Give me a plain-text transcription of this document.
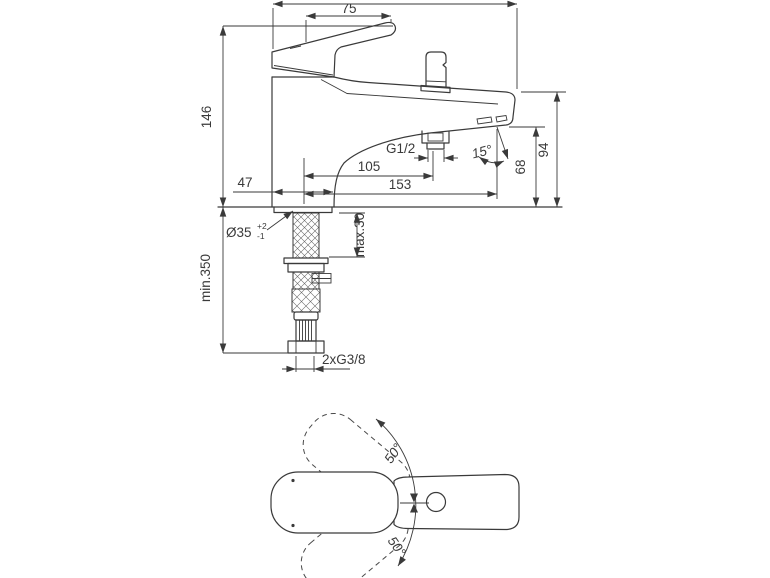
75
146
min.350
47
105
153
G1/2	15°
68
94
max.30
Ø35 +2
-1
2xG3/8
50°
50°
